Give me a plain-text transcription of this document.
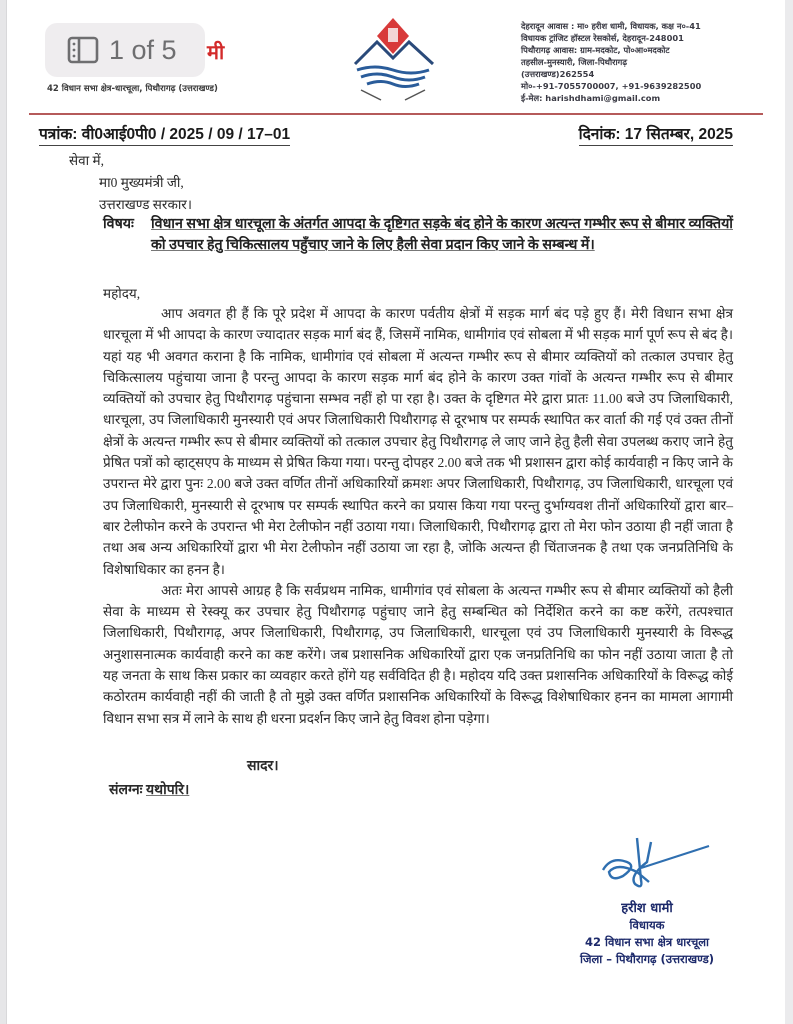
1 of 5 मी
42 विधान सभा क्षेत्र-धारचूला, पिथौरागढ़ (उत्तराखण्ड)
देहरादून आवास : मा० हरीश धामी, विधायक, कक्ष न०-41
विधायक ट्रांजिट हॉस्टल रेसकोर्स, देहरादून-248001
पिथौरागढ़ आवास: ग्राम-मदकोट, पो०आ०मदकोट
तहसील-मुनस्यारी, जिला-पिथौरागढ़
(उत्तराखण्ड)262554
मो०-+91-7055700007, +91-9639282500
ई-मेल: harishdhami@gmail.com
पत्रांक: वी0आई0पी0 / 2025 / 09 / 17–01	दिनांक: 17 सितम्बर, 2025
सेवा में,
मा0 मुख्यमंत्री जी,
उत्तराखण्ड सरकार।
विषयः विधान सभा क्षेत्र धारचूला के अंतर्गत आपदा के दृष्टिगत सड़के बंद होने के कारण अत्यन्त गम्भीर रूप से बीमार व्यक्तियों को उपचार हेतु चिकित्सालय पहुँचाए जाने के लिए हैली सेवा प्रदान किए जाने के सम्बन्ध में।
महोदय,

आप अवगत ही हैं कि पूरे प्रदेश में आपदा के कारण पर्वतीय क्षेत्रों में सड़क मार्ग बंद पड़े हुए हैं। मेरी विधान सभा क्षेत्र धारचूला में भी आपदा के कारण ज्यादातर सड़क मार्ग बंद हैं, जिसमें नामिक, धामीगांव एवं सोबला में भी सड़क मार्ग पूर्ण रूप से बंद है। यहां यह भी अवगत कराना है कि नामिक, धामीगांव एवं सोबला में अत्यन्त गम्भीर रूप से बीमार व्यक्तियों को तत्काल उपचार हेतु चिकित्सालय पहुंचाया जाना है परन्तु आपदा के कारण सड़क मार्ग बंद होने के कारण उक्त गांवों के अत्यन्त गम्भीर रूप से बीमार व्यक्तियों को उपचार हेतु पिथौरागढ़ पहुंचाना सम्भव नहीं हो पा रहा है। उक्त के दृष्टिगत मेरे द्वारा प्रातः 11.00 बजे उप जिलाधिकारी, धारचूला, उप जिलाधिकारी मुनस्यारी एवं अपर जिलाधिकारी पिथौरागढ़ से दूरभाष पर सम्पर्क स्थापित कर वार्ता की गई एवं उक्त तीनों क्षेत्रों के अत्यन्त गम्भीर रूप से बीमार व्यक्तियों को तत्काल उपचार हेतु पिथौरागढ़ ले जाए जाने हेतु हैली सेवा उपलब्ध कराए जाने हेतु प्रेषित पत्रों को व्हाट्सएप के माध्यम से प्रेषित किया गया। परन्तु दोपहर 2.00 बजे तक भी प्रशासन द्वारा कोई कार्यवाही न किए जाने के उपरान्त मेरे द्वारा पुनः 2.00 बजे उक्त वर्णित तीनों अधिकारियों क्रमशः अपर जिलाधिकारी, पिथौरागढ़, उप जिलाधिकारी, धारचूला एवं उप जिलाधिकारी, मुनस्यारी से दूरभाष पर सम्पर्क स्थापित करने का प्रयास किया गया परन्तु दुर्भाग्यवश तीनों अधिकारियों द्वारा बार–बार टेलीफोन करने के उपरान्त भी मेरा टेलीफोन नहीं उठाया गया। जिलाधिकारी, पिथौरागढ़ द्वारा तो मेरा फोन उठाया ही नहीं जाता है तथा अब अन्य अधिकारियों द्वारा भी मेरा टेलीफोन नहीं उठाया जा रहा है, जोकि अत्यन्त ही चिंताजनक है तथा एक जनप्रतिनिधि के विशेषाधिकार का हनन है।

अतः मेरा आपसे आग्रह है कि सर्वप्रथम नामिक, धामीगांव एवं सोबला के अत्यन्त गम्भीर रूप से बीमार व्यक्तियों को हैली सेवा के माध्यम से रेस्क्यू कर उपचार हेतु पिथौरागढ़ पहुंचाए जाने हेतु सम्बन्धित को निर्देशित करने का कष्ट करेंगे, तत्पश्चात जिलाधिकारी, पिथौरागढ़, अपर जिलाधिकारी, पिथौरागढ़, उप जिलाधिकारी, धारचूला एवं उप जिलाधिकारी मुनस्यारी के विरूद्ध अनुशासनात्मक कार्यवाही करने का कष्ट करेंगे। जब प्रशासनिक अधिकारियों द्वारा एक जनप्रतिनिधि का फोन नहीं उठाया जाता है तो यह जनता के साथ किस प्रकार का व्यवहार करते होंगे यह सर्वविदित ही है। महोदय यदि उक्त प्रशासनिक अधिकारियों के विरूद्ध कोई कठोरतम कार्यवाही नहीं की जाती है तो मुझे उक्त वर्णित प्रशासनिक अधिकारियों के विरूद्ध विशेषाधिकार हनन का मामला आगामी विधान सभा सत्र में लाने के साथ ही धरना प्रदर्शन किए जाने हेतु विवश होना पड़ेगा।

सादर।
संलग्नः यथोपरि।
हरीश धामी
विधायक
42 विधान सभा क्षेत्र धारचूला
जिला – पिथौरागढ़ (उत्तराखण्ड)
